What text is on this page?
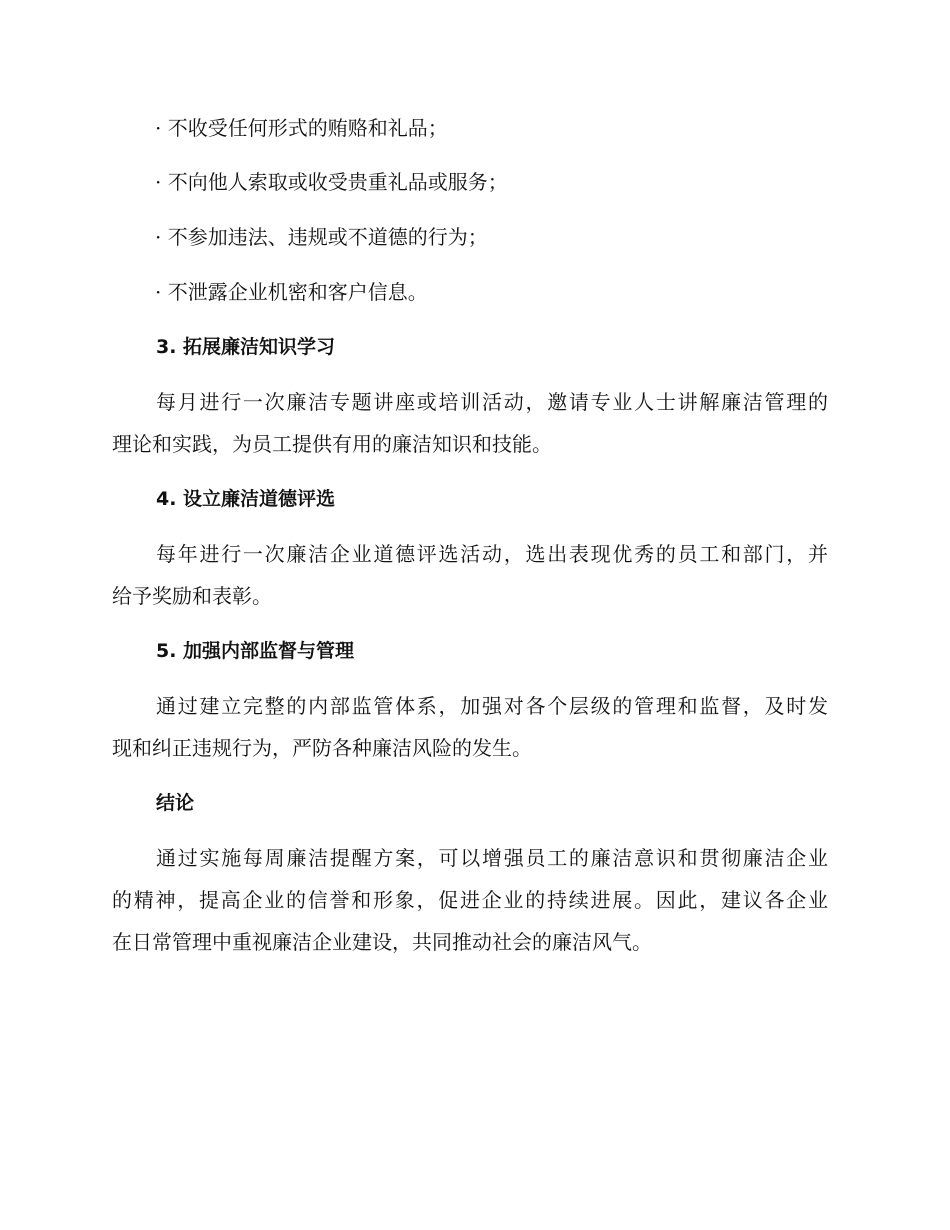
· 不收受任何形式的贿赂和礼品；
· 不向他人索取或收受贵重礼品或服务；
· 不参加违法、违规或不道德的行为；
· 不泄露企业机密和客户信息。
3. 拓展廉洁知识学习
每月进行一次廉洁专题讲座或培训活动，邀请专业人士讲解廉洁管理的
理论和实践，为员工提供有用的廉洁知识和技能。
4. 设立廉洁道德评选
每年进行一次廉洁企业道德评选活动，选出表现优秀的员工和部门，并
给予奖励和表彰。
5. 加强内部监督与管理
通过建立完整的内部监管体系，加强对各个层级的管理和监督，及时发
现和纠正违规行为，严防各种廉洁风险的发生。
结论
通过实施每周廉洁提醒方案，可以增强员工的廉洁意识和贯彻廉洁企业
的精神，提高企业的信誉和形象，促进企业的持续进展。因此，建议各企业
在日常管理中重视廉洁企业建设，共同推动社会的廉洁风气。
